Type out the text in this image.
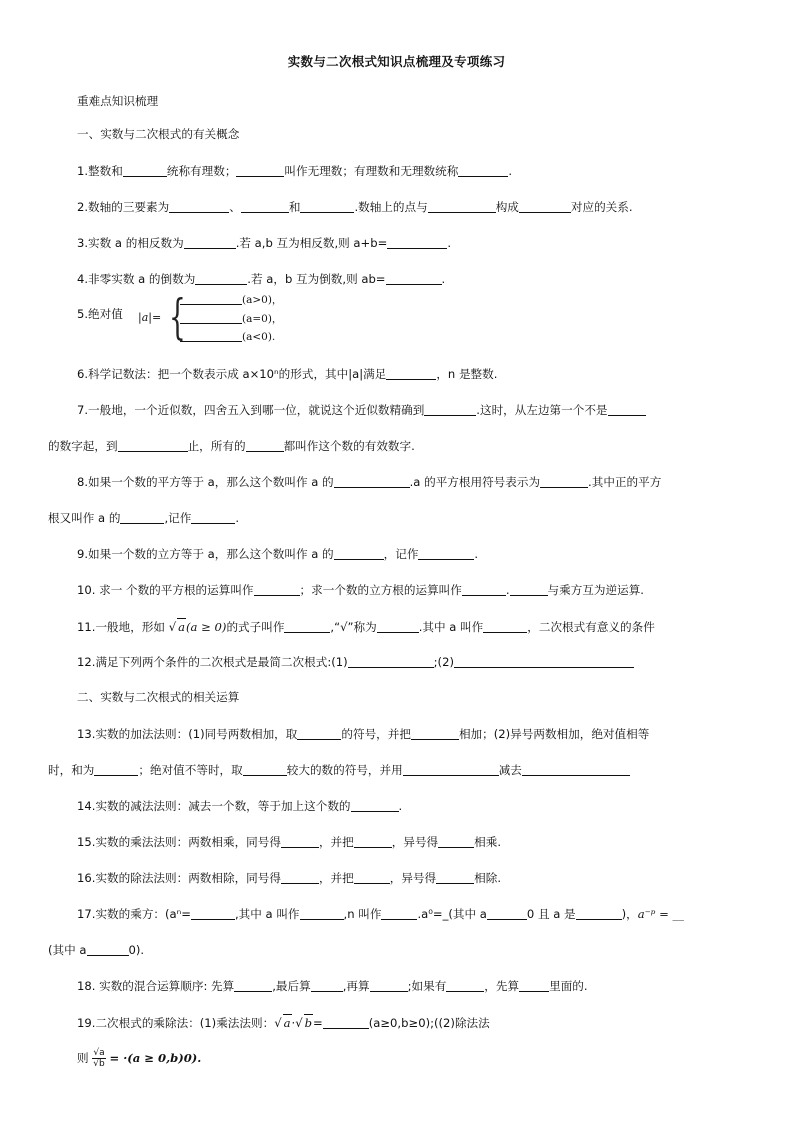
实数与二次根式知识点梳理及专项练习
重难点知识梳理
一、实数与二次根式的有关概念
1.整数和	统称有理数；	叫作无理数；有理数和无理数统称	.
2.数轴的三要素为	、	和	.数轴上的点与	构成	对应的关系.
3.实数 a 的相反数为	.若 a,b 互为相反数,则 a+b=	.
4.非零实数 a 的倒数为	.若 a，b 互为倒数,则 ab=	.
5.绝对值	|a|= {	(a>0)，
(a=0)，
(a<0).
6.科学记数法：把一个数表示成 a×10ⁿ的形式，其中|a|满足	，n 是整数.
7.一般地，一个近似数，四舍五入到哪一位，就说这个近似数精确到	.这时，从左边第一个不是
的数字起，到	止，所有的	都叫作这个数的有效数字.
8.如果一个数的平方等于 a，那么这个数叫作 a 的	.a 的平方根用符号表示为	.其中正的平方
根又叫作 a 的	,记作	.
9.如果一个数的立方等于 a，那么这个数叫作 a 的	，记作	.
10. 求一 个数的平方根的运算叫作	；求一个数的立方根的运算叫作	.	与乘方互为逆运算.
11.一般地，形如 √ a(a ≥ 0)的式子叫作	,“√”称为	.其中 a 叫作	，二次根式有意义的条件
12.满足下列两个条件的二次根式是最简二次根式:(1)	;(2)
二、实数与二次根式的相关运算
13.实数的加法法则：(1)同号两数相加，取	的符号，并把	相加；(2)异号两数相加，绝对值相等
时，和为	；绝对值不等时，取	较大的数的符号，并用	减去
14.实数的减法法则：减去一个数，等于加上这个数的	.
15.实数的乘法法则：两数相乘，同号得	，并把	，异号得	相乘.
16.实数的除法法则：两数相除，同号得	，并把	，异号得	相除.
17.实数的乘方：(aⁿ=	,其中 a 叫作	,n 叫作	.a⁰=_(其中 a	0 且 a 是	)，a⁻ᵖ = __
(其中 a	0).
18. 实数的混合运算顺序: 先算	,最后算	,再算	;如果有	，先算	里面的.
19.二次根式的乘除法：(1)乘法法则：√ a·√ b=	(a≥0,b≥0);((2)除法法
则 $\frac{√a}{√b} = \cdot(a \ge 0,b)0$).
